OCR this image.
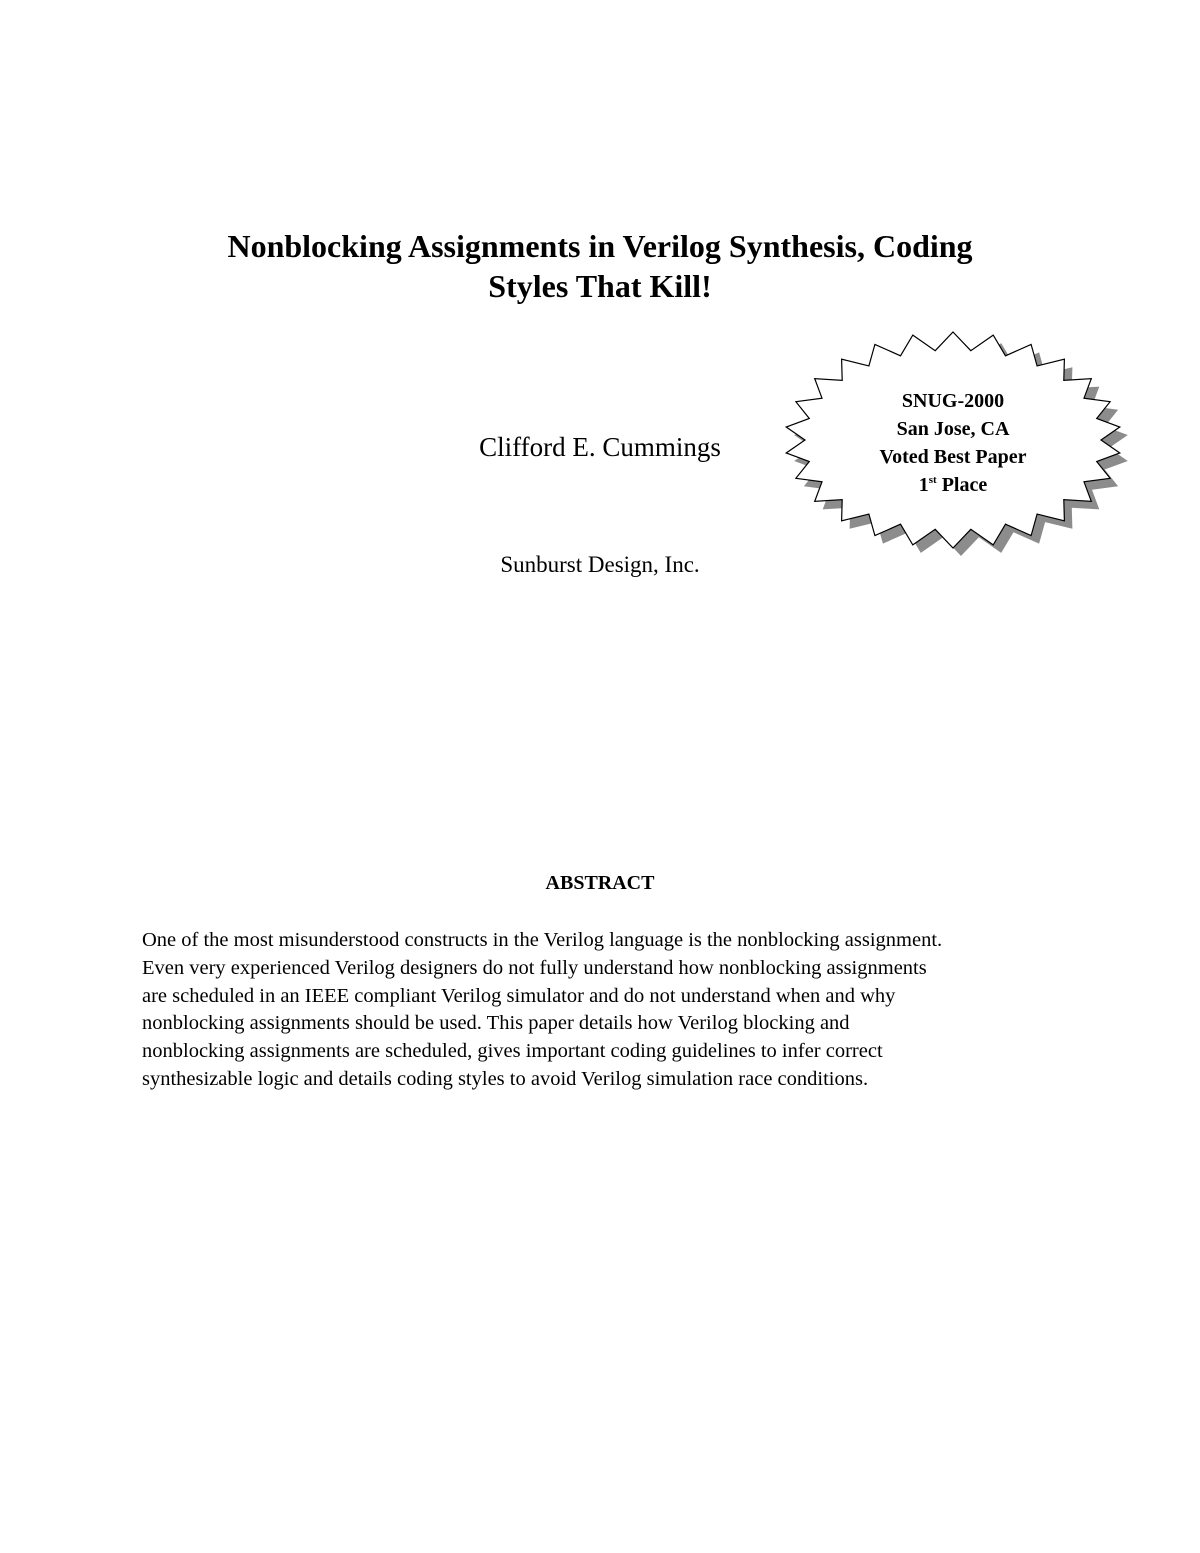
Nonblocking Assignments in Verilog Synthesis, Coding
Styles That Kill!

Clifford E. Cummings

Sunburst Design, Inc.

SNUG-2000
San Jose, CA
Voted Best Paper
1st Place
ABSTRACT
One of the most misunderstood constructs in the Verilog language is the nonblocking assignment.
Even very experienced Verilog designers do not fully understand how nonblocking assignments
are scheduled in an IEEE compliant Verilog simulator and do not understand when and why
nonblocking assignments should be used. This paper details how Verilog blocking and
nonblocking assignments are scheduled, gives important coding guidelines to infer correct
synthesizable logic and details coding styles to avoid Verilog simulation race conditions.
